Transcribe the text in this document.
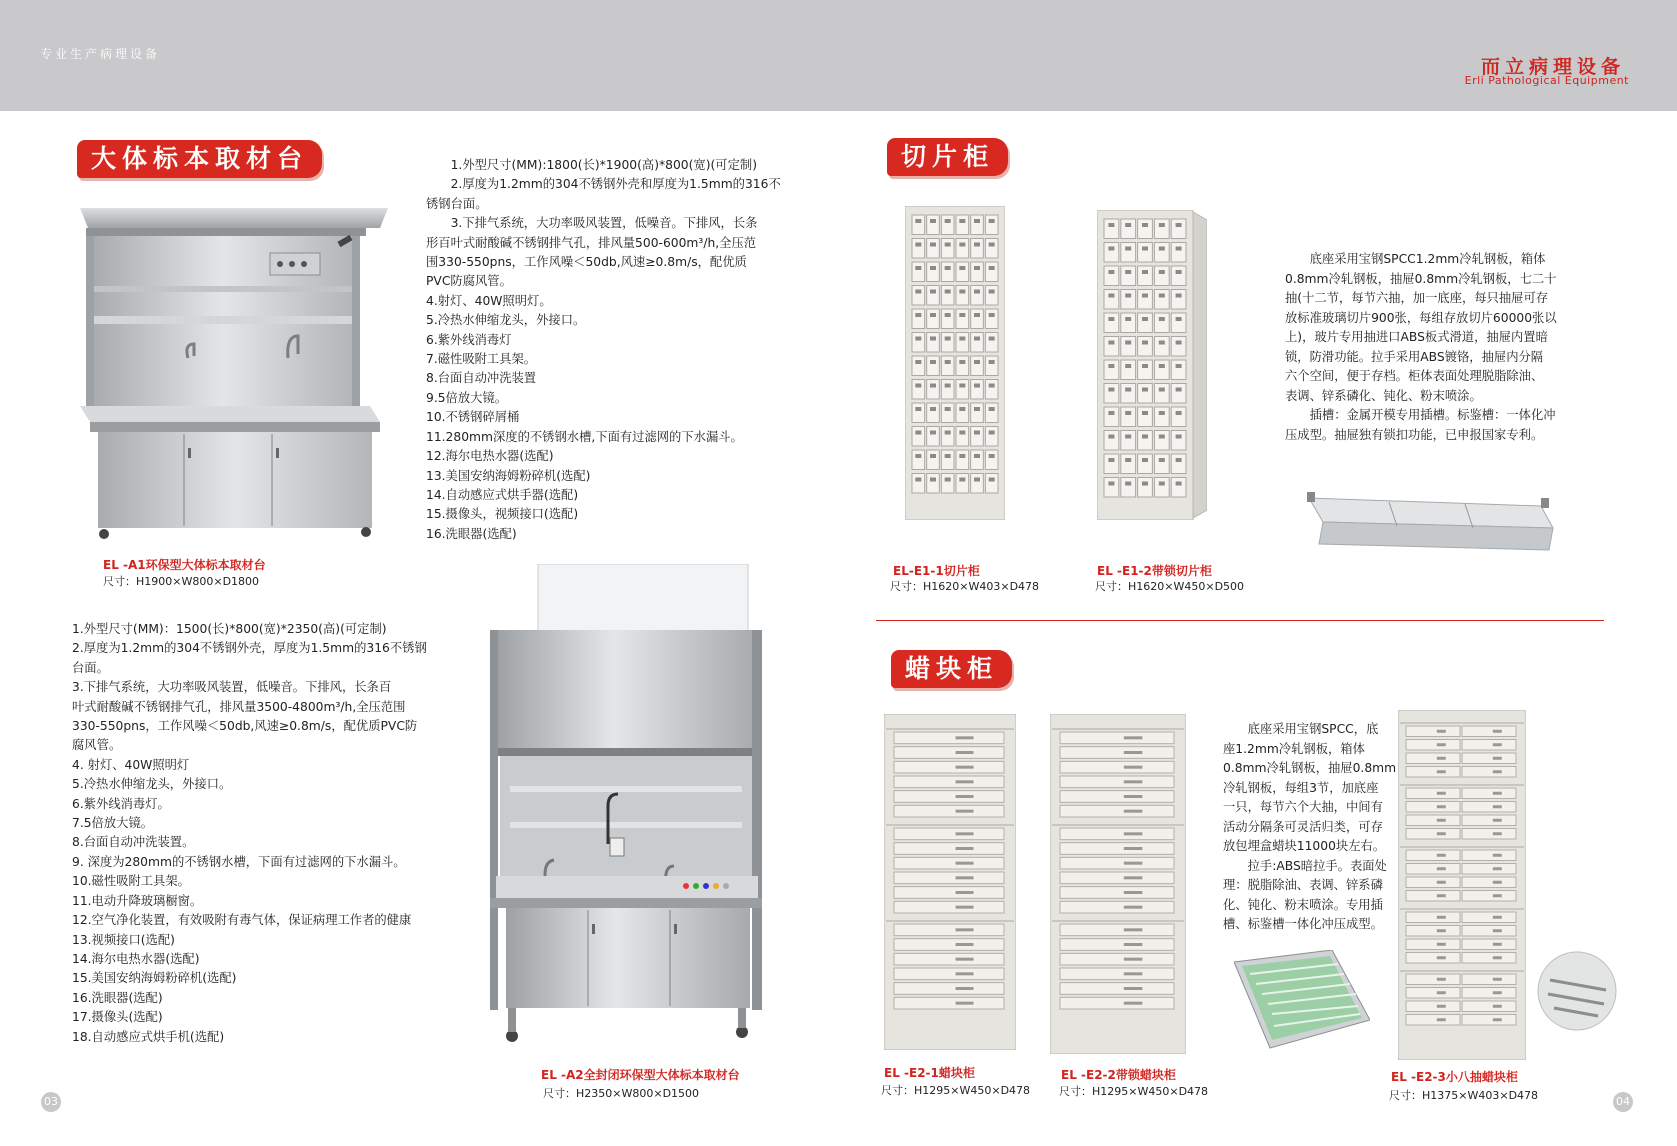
专业生产病理设备
而立病理设备
Erli Pathological Equipment
大体标本取材台
EL -A1环保型大体标本取材台
尺寸：H1900×W800×D1800
1.外型尺寸(MM):1800(长)*1900(高)*800(宽)(可定制)
2.厚度为1.2mm的304不锈钢外壳和厚度为1.5mm的316不
锈钢台面。
3.下排气系统，大功率吸风装置，低噪音。下排风，长条
形百叶式耐酸碱不锈钢排气孔，排风量500-600m³/h,全压范
围330-550pns，工作风噪＜50db,风速≥0.8m/s，配优质
PVC防腐风管。
4.射灯、40W照明灯。
5.冷热水伸缩龙头，外接口。
6.紫外线消毒灯
7.磁性吸附工具架。
8.台面自动冲洗装置
9.5倍放大镜。
10.不锈钢碎屑桶
11.280mm深度的不锈钢水槽,下面有过滤网的下水漏斗。
12.海尔电热水器(选配)
13.美国安纳海姆粉碎机(选配)
14.自动感应式烘手器(选配)
15.摄像头，视频接口(选配)
16.洗眼器(选配)
1.外型尺寸(MM)：1500(长)*800(宽)*2350(高)(可定制)
2.厚度为1.2mm的304不锈钢外壳，厚度为1.5mm的316不锈钢
台面。
3.下排气系统，大功率吸风装置，低噪音。下排风，长条百
叶式耐酸碱不锈钢排气孔，排风量3500-4800m³/h,全压范围
330-550pns，工作风噪＜50db,风速≥0.8m/s，配优质PVC防
腐风管。
4. 射灯、40W照明灯
5.冷热水伸缩龙头，外接口。
6.紫外线消毒灯。
7.5倍放大镜。
8.台面自动冲洗装置。
9. 深度为280mm的不锈钢水槽，下面有过滤网的下水漏斗。
10.磁性吸附工具架。
11.电动升降玻璃橱窗。
12.空气净化装置，有效吸附有毒气体，保证病理工作者的健康
13.视频接口(选配)
14.海尔电热水器(选配)
15.美国安纳海姆粉碎机(选配)
16.洗眼器(选配)
17.摄像头(选配)
18.自动感应式烘手机(选配)
EL -A2全封闭环保型大体标本取材台
尺寸：H2350×W800×D1500
切片柜
EL-E1-1切片柜
尺寸：H1620×W403×D478
EL -E1-2带锁切片柜
尺寸：H1620×W450×D500
底座采用宝钢SPCC1.2mm冷轧钢板，箱体
0.8mm冷轧钢板，抽屉0.8mm冷轧钢板，七二十
抽(十二节，每节六抽，加一底座，每只抽屉可存
放标准玻璃切片900张，每组存放切片60000张以
上)，玻片专用抽进口ABS板式滑道，抽屉内置暗
锁，防滑功能。拉手采用ABS镀铬，抽屉内分隔
六个空间，便于存档。柜体表面处理脱脂除油、
表调、锌系磷化、钝化、粉末喷涂。
插槽：金属开模专用插槽。标鉴槽：一体化冲
压成型。抽屉独有锁扣功能，已申报国家专利。
蜡块柜
底座采用宝钢SPCC，底
座1.2mm冷轧钢板，箱体
0.8mm冷轧钢板，抽屉0.8mm
冷轧钢板，每组3节，加底座
一只，每节六个大抽，中间有
活动分隔条可灵活归类，可存
放包埋盒蜡块11000块左右。
拉手:ABS暗拉手。表面处
理：脱脂除油、表调、锌系磷
化、钝化、粉末喷涂。专用插
槽、标鉴槽一体化冲压成型。
EL -E2-1蜡块柜
尺寸：H1295×W450×D478
EL -E2-2带锁蜡块柜
尺寸：H1295×W450×D478
EL -E2-3小八抽蜡块柜
尺寸：H1375×W403×D478
03	04
